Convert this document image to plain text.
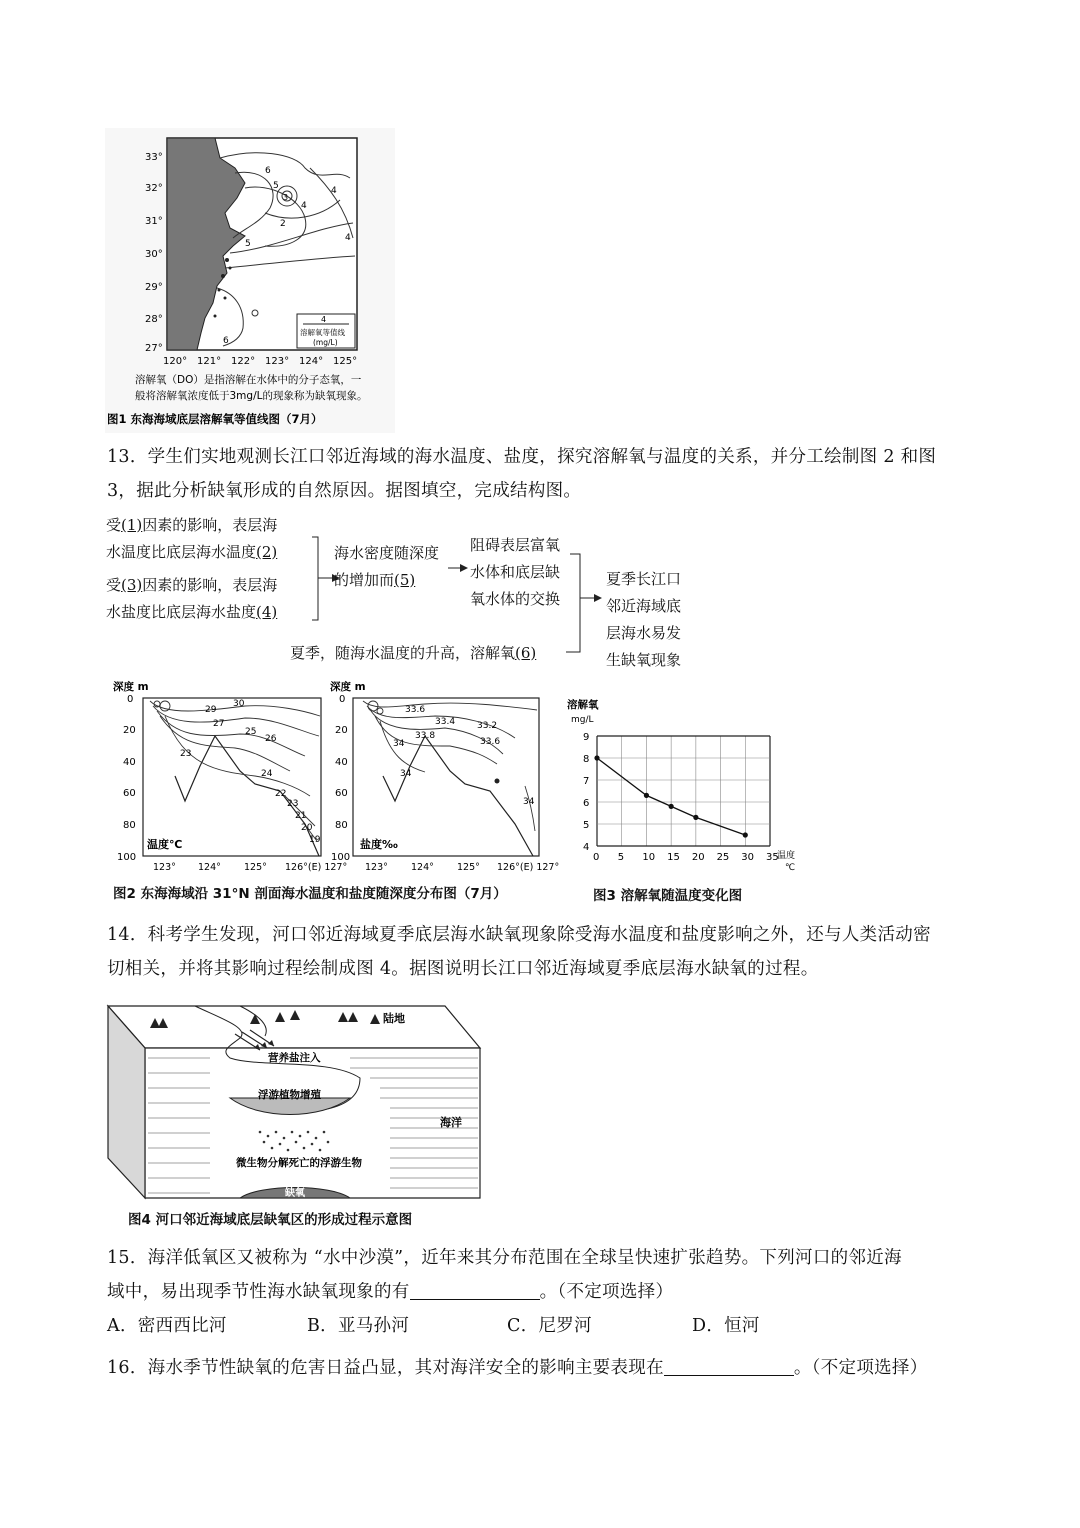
6
5
4
3
2
4
4
5
6
33°
32°
31°
30°
29°
28°
27°
120° 121° 122° 123° 124° 125°
4
溶解氧等值线
(mg/L)
溶解氧（DO）是指溶解在水体中的分子态氧，一
般将溶解氧浓度低于3mg/L的现象称为缺氧现象。
图1 东海海域底层溶解氧等值线图（7月）
13．学生们实地观测长江口邻近海域的海水温度、盐度，探究溶解氧与温度的关系，并分工绘制图 2 和图
3，据此分析缺氧形成的自然原因。据图填空，完成结构图。
受(1)因素的影响，表层海
水温度比底层海水温度(2)
受(3)因素的影响，表层海
水盐度比底层海水盐度(4)
海水密度随深度
的增加而(5)
阻碍表层富氧
水体和底层缺
氧水体的交换
夏季长江口
邻近海域底
层海水易发
生缺氧现象
夏季，随海水温度的升高，溶解氧(6)
深度 m
0
20
40
60
80
100
29
30
27
25
26
23
24
22
23
21
20
19
温度℃
123° 124° 125° 126°(E) 127°
深度 m
0
20
40
60
80
100
33.6
33.4 33.2
34
33.8
33.6
34
34
盐度‰
123° 124° 125° 126°(E) 127°
图2 东海海域沿 31°N 剖面海水温度和盐度随深度分布图（7月）
溶解氧
mg/L
0 5 10 15 20 25 30 35
4
5
6
7
8
9
温度
℃
图3 溶解氧随温度变化图
14．科考学生发现，河口邻近海域夏季底层海水缺氧现象除受海水温度和盐度影响之外，还与人类活动密
切相关，并将其影响过程绘制成图 4。据图说明长江口邻近海域夏季底层海水缺氧的过程。
陆地
营养盐注入
浮游植物增殖
海洋
微生物分解死亡的浮游生物
缺氧
图4 河口邻近海域底层缺氧区的形成过程示意图
15．海洋低氧区又被称为 “水中沙漠”，近年来其分布范围在全球呈快速扩张趋势。下列河口的邻近海
域中，易出现季节性海水缺氧现象的有	。（不定项选择）
A．密西西比河	B．亚马孙河	C．尼罗河	D．恒河
16．海水季节性缺氧的危害日益凸显，其对海洋安全的影响主要表现在	。（不定项选择）
